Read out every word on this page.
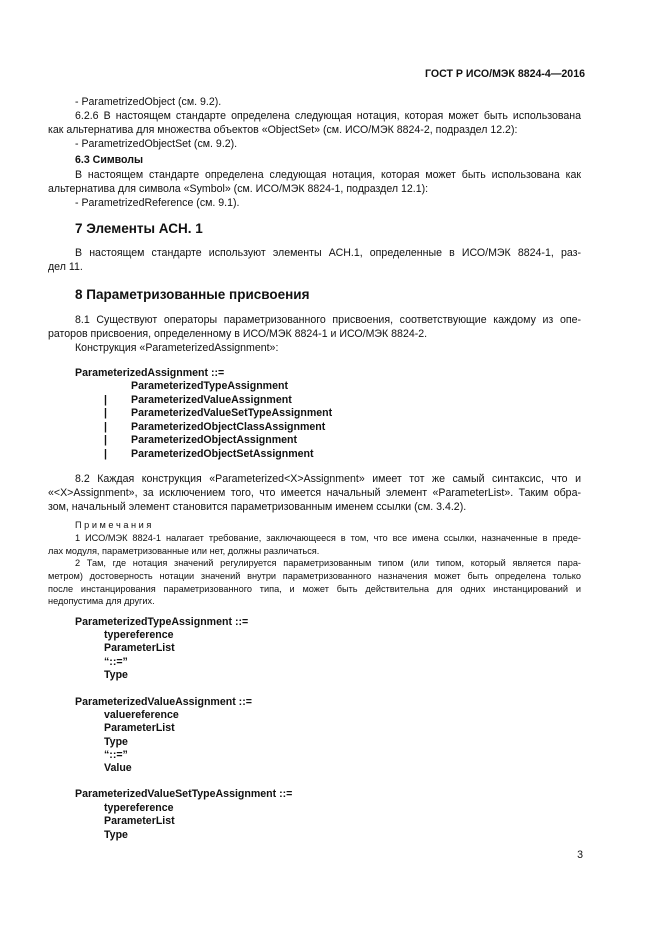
ГОСТ Р ИСО/МЭК 8824-4—2016
- ParametrizedObject (см. 9.2).
6.2.6 В настоящем стандарте определена следующая нотация, которая может быть использована
как альтернатива для множества объектов «ObjectSet» (см. ИСО/МЭК 8824-2, подраздел 12.2):
- ParametrizedObjectSet (см. 9.2).
6.3 Символы
В настоящем стандарте определена следующая нотация, которая может быть использована как
альтернатива для символа «Symbol» (см. ИСО/МЭК 8824-1, подраздел 12.1):
- ParametrizedReference (см. 9.1).
7 Элементы АСН. 1
В настоящем стандарте используют элементы АСН.1, определенные в ИСО/МЭК 8824-1, раз-
дел 11.
8 Параметризованные присвоения
8.1 Существуют операторы параметризованного присвоения, соответствующие каждому из опе-
раторов присвоения, определенному в ИСО/МЭК 8824-1 и ИСО/МЭК 8824-2.
Конструкция «ParameterizedAssignment»:
ParameterizedAssignment ::=
ParameterizedTypeAssignment
| ParameterizedValueAssignment
| ParameterizedValueSetTypeAssignment
| ParameterizedObjectClassAssignment
| ParameterizedObjectAssignment
| ParameterizedObjectSetAssignment
8.2 Каждая конструкция «Parameterized<X>Assignment» имеет тот же самый синтаксис, что и
«<X>Assignment», за исключением того, что имеется начальный элемент «ParameterList». Таким обра-
зом, начальный элемент становится параметризованным именем ссылки (см. 3.4.2).
П р и м е ч а н и я
1 ИСО/МЭК 8824-1 налагает требование, заключающееся в том, что все имена ссылки, назначенные в преде-
лах модуля, параметризованные или нет, должны различаться.
2 Там, где нотация значений регулируется параметризованным типом (или типом, который является пара-
метром) достоверность нотации значений внутри параметризованного назначения может быть определена только
после инстанцирования параметризованного типа, и может быть действительна для одних инстанцирований и
недопустима для других.
ParameterizedTypeAssignment ::=
typereference
ParameterList
“::=”
Type
ParameterizedValueAssignment ::=
valuereference
ParameterList
Type
“::=”
Value
ParameterizedValueSetTypeAssignment ::=
typereference
ParameterList
Type
3
